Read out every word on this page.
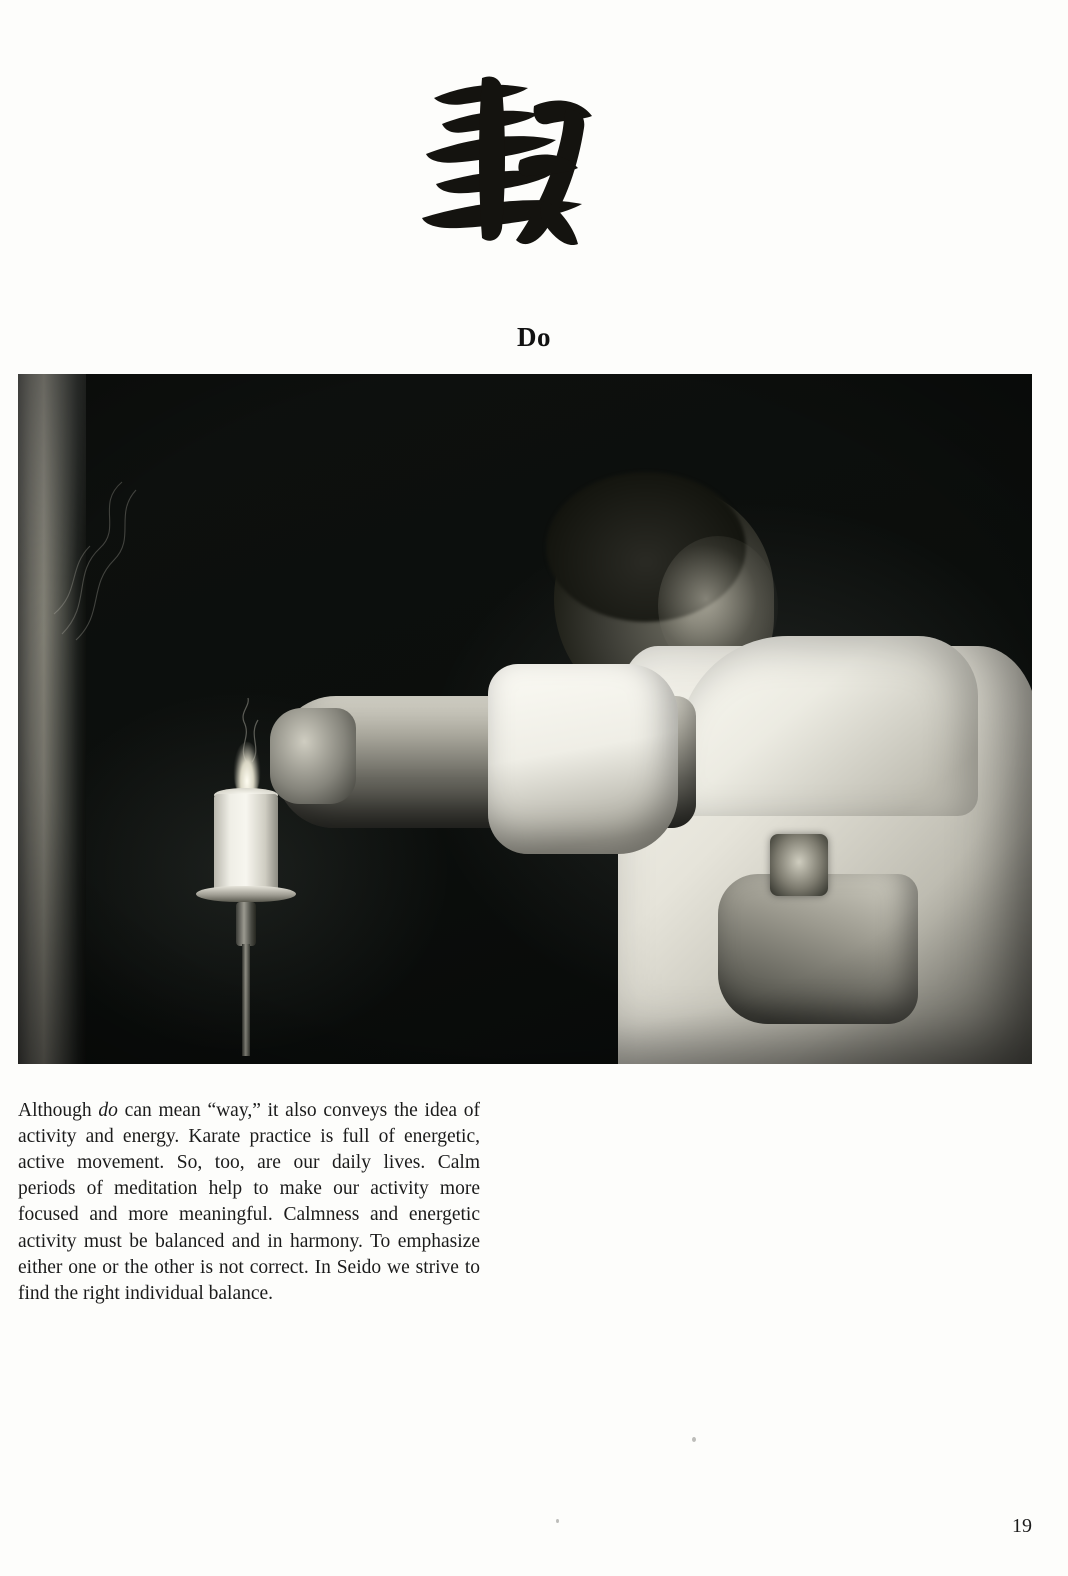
Do

Although do can mean “way,” it also conveys the idea of activity and energy. Karate practice is full of energetic, active movement. So, too, are our daily lives. Calm periods of meditation help to make our activity more focused and more meaningful. Calmness and energetic activity must be balanced and in harmony. To emphasize either one or the other is not correct. In Seido we strive to find the right individual balance.

19
